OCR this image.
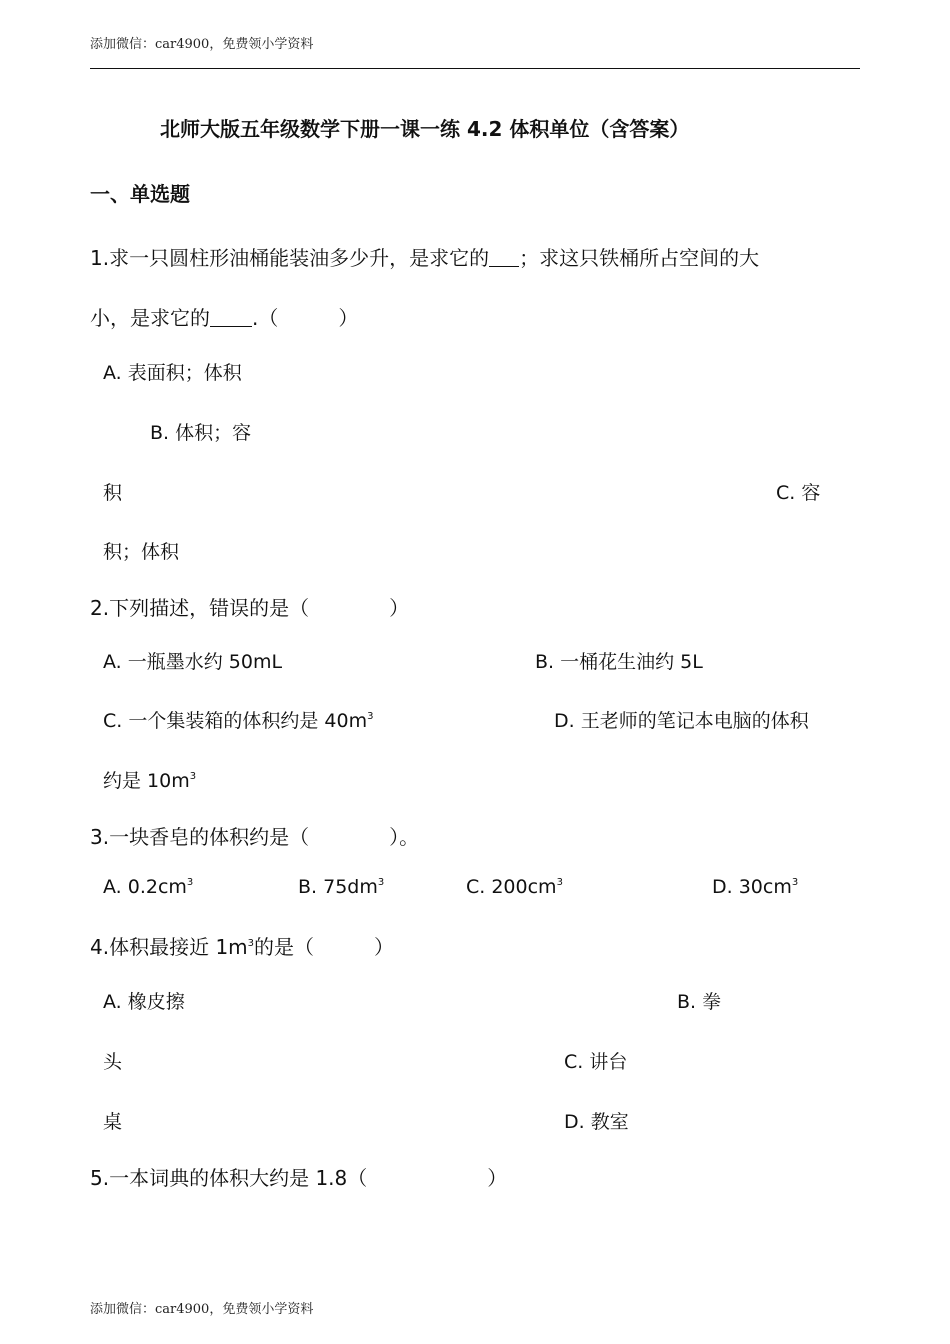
添加微信：car4900，免费领小学资料
北师大版五年级数学下册一课一练 4.2 体积单位（含答案）
一、单选题
1.求一只圆柱形油桶能装油多少升，是求它的 ；求这只铁桶所占空间的大
小，是求它的 .（　　　）
A. 表面积；体积
B. 体积；容
积	C. 容
积；体积
2.下列描述，错误的是（　　　　）
A. 一瓶墨水约 50mL	B. 一桶花生油约 5L
C. 一个集装箱的体积约是 $40m^3$	D. 王老师的笔记本电脑的体积
约是 $10m^3$
3.一块香皂的体积约是（　　　　）。
A. $0.2cm^3$	B. $75dm^3$	C. $200cm^3$	D. $30cm^3$
4.体积最接近 $1m^3$的是（　　　）
A. 橡皮擦	B. 拳
头	C. 讲台
桌	D. 教室
5.一本词典的体积大约是 1.8（　　　　　　）
添加微信：car4900，免费领小学资料
